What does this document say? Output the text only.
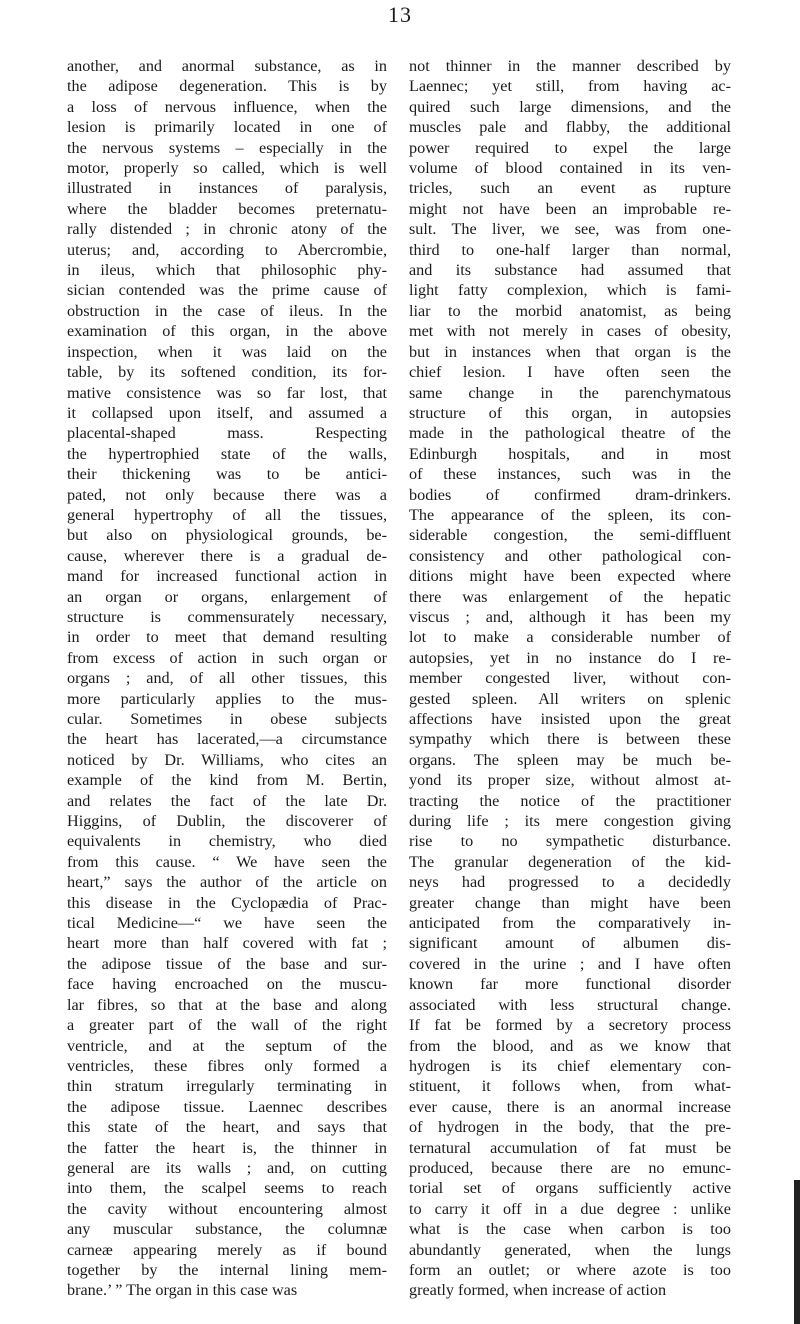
13
another, and anormal substance, as in
the adipose degeneration. This is by
a loss of nervous influence, when the
lesion is primarily located in one of
the nervous systems – especially in the
motor, properly so called, which is well
illustrated in instances of paralysis,
where the bladder becomes preternatu-
rally distended ; in chronic atony of the
uterus; and, according to Abercrombie,
in ileus, which that philosophic phy-
sician contended was the prime cause of
obstruction in the case of ileus. In the
examination of this organ, in the above
inspection, when it was laid on the
table, by its softened condition, its for-
mative consistence was so far lost, that
it collapsed upon itself, and assumed a
placental-shaped mass. Respecting
the hypertrophied state of the walls,
their thickening was to be antici-
pated, not only because there was a
general hypertrophy of all the tissues,
but also on physiological grounds, be-
cause, wherever there is a gradual de-
mand for increased functional action in
an organ or organs, enlargement of
structure is commensurately necessary,
in order to meet that demand resulting
from excess of action in such organ or
organs ; and, of all other tissues, this
more particularly applies to the mus-
cular. Sometimes in obese subjects
the heart has lacerated,—a circumstance
noticed by Dr. Williams, who cites an
example of the kind from M. Bertin,
and relates the fact of the late Dr.
Higgins, of Dublin, the discoverer of
equivalents in chemistry, who died
from this cause. “ We have seen the
heart,” says the author of the article on
this disease in the Cyclopædia of Prac-
tical Medicine—“ we have seen the
heart more than half covered with fat ;
the adipose tissue of the base and sur-
face having encroached on the muscu-
lar fibres, so that at the base and along
a greater part of the wall of the right
ventricle, and at the septum of the
ventricles, these fibres only formed a
thin stratum irregularly terminating in
the adipose tissue. Laennec describes
this state of the heart, and says that
the fatter the heart is, the thinner in
general are its walls ; and, on cutting
into them, the scalpel seems to reach
the cavity without encountering almost
any muscular substance, the columnæ
carneæ appearing merely as if bound
together by the internal lining mem-
brane.’ ” The organ in this case was
not thinner in the manner described by
Laennec; yet still, from having ac-
quired such large dimensions, and the
muscles pale and flabby, the additional
power required to expel the large
volume of blood contained in its ven-
tricles, such an event as rupture
might not have been an improbable re-
sult. The liver, we see, was from one-
third to one-half larger than normal,
and its substance had assumed that
light fatty complexion, which is fami-
liar to the morbid anatomist, as being
met with not merely in cases of obesity,
but in instances when that organ is the
chief lesion. I have often seen the
same change in the parenchymatous
structure of this organ, in autopsies
made in the pathological theatre of the
Edinburgh hospitals, and in most
of these instances, such was in the
bodies of confirmed dram-drinkers.
The appearance of the spleen, its con-
siderable congestion, the semi-diffluent
consistency and other pathological con-
ditions might have been expected where
there was enlargement of the hepatic
viscus ; and, although it has been my
lot to make a considerable number of
autopsies, yet in no instance do I re-
member congested liver, without con-
gested spleen. All writers on splenic
affections have insisted upon the great
sympathy which there is between these
organs. The spleen may be much be-
yond its proper size, without almost at-
tracting the notice of the practitioner
during life ; its mere congestion giving
rise to no sympathetic disturbance.
The granular degeneration of the kid-
neys had progressed to a decidedly
greater change than might have been
anticipated from the comparatively in-
significant amount of albumen dis-
covered in the urine ; and I have often
known far more functional disorder
associated with less structural change.
If fat be formed by a secretory process
from the blood, and as we know that
hydrogen is its chief elementary con-
stituent, it follows when, from what-
ever cause, there is an anormal increase
of hydrogen in the body, that the pre-
ternatural accumulation of fat must be
produced, because there are no emunc-
torial set of organs sufficiently active
to carry it off in a due degree : unlike
what is the case when carbon is too
abundantly generated, when the lungs
form an outlet; or where azote is too
greatly formed, when increase of action
